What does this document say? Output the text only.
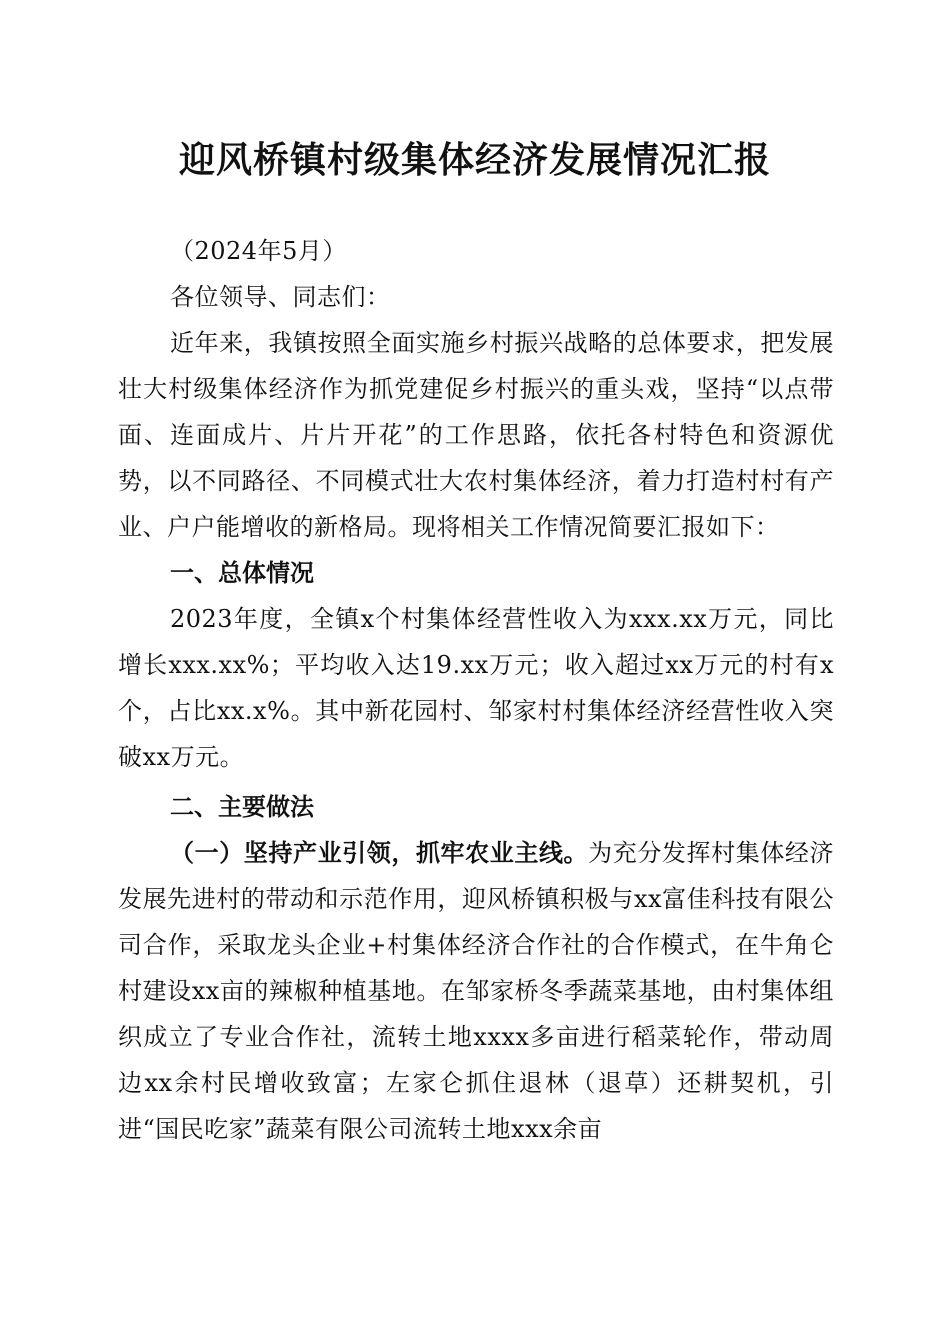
迎风桥镇村级集体经济发展情况汇报

（2024年5月）

各位领导、同志们：

近年来，我镇按照全面实施乡村振兴战略的总体要求，把发展壮大村级集体经济作为抓党建促乡村振兴的重头戏，坚持“以点带面、连面成片、片片开花”的工作思路，依托各村特色和资源优势，以不同路径、不同模式壮大农村集体经济，着力打造村村有产业、户户能增收的新格局。现将相关工作情况简要汇报如下：

一、总体情况

2023年度，全镇x个村集体经营性收入为xxx.xx万元，同比增长xxx.xx%；平均收入达19.xx万元；收入超过xx万元的村有x个，占比xx.x%。其中新花园村、邹家村村集体经济经营性收入突破xx万元。

二、主要做法

（一）坚持产业引领，抓牢农业主线。为充分发挥村集体经济发展先进村的带动和示范作用，迎风桥镇积极与xx富佳科技有限公司合作，采取龙头企业+村集体经济合作社的合作模式，在牛角仑村建设xx亩的辣椒种植基地。在邹家桥冬季蔬菜基地，由村集体组织成立了专业合作社，流转土地xxxx多亩进行稻菜轮作，带动周边xx余村民增收致富；左家仑抓住退林（退草）还耕契机，引进“国民吃家”蔬菜有限公司流转土地xxx余亩
